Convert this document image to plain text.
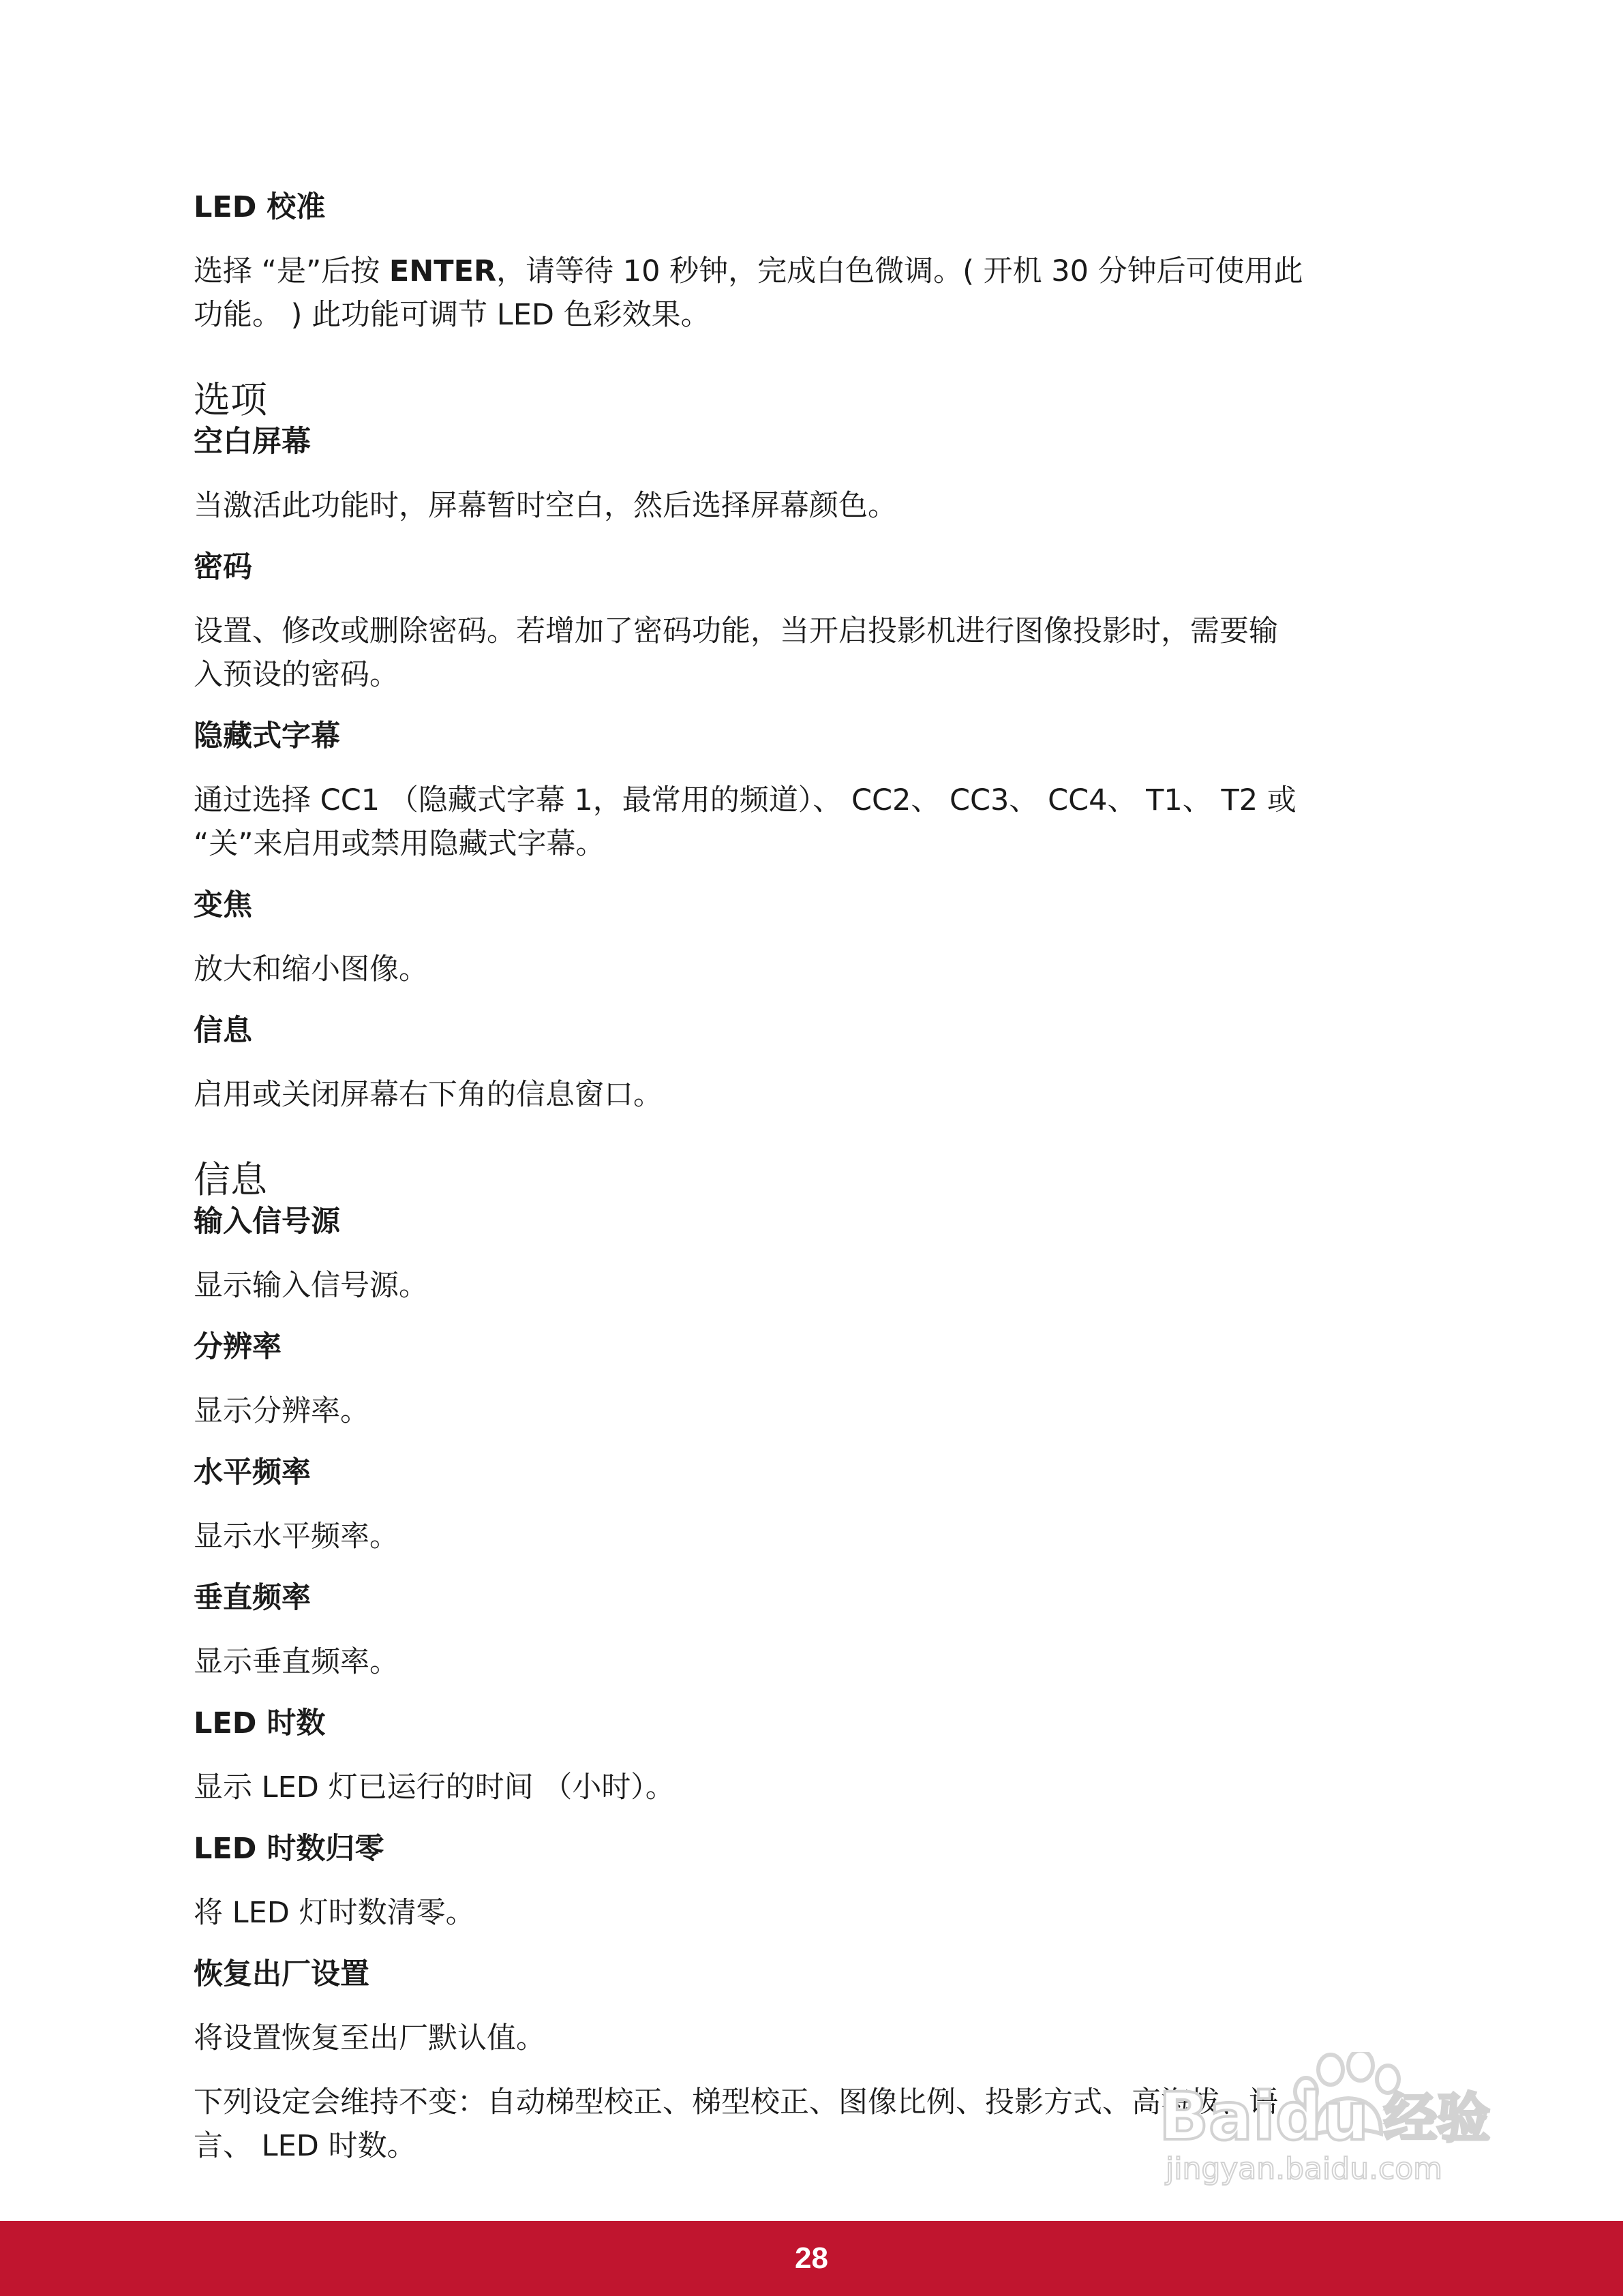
LED 校准

选择 “是”后按 ENTER，请等待 10 秒钟，完成白色微调。( 开机 30 分钟后可使用此
功能。 ) 此功能可调节 LED 色彩效果。

选项

空白屏幕

当激活此功能时，屏幕暂时空白，然后选择屏幕颜色。

密码

设置、修改或删除密码。若增加了密码功能，当开启投影机进行图像投影时，需要输
入预设的密码。

隐藏式字幕

通过选择 CC1 （隐藏式字幕 1，最常用的频道）、 CC2、 CC3、 CC4、 T1、 T2 或
“关”来启用或禁用隐藏式字幕。

变焦

放大和缩小图像。

信息

启用或关闭屏幕右下角的信息窗口。

信息

输入信号源

显示输入信号源。

分辨率

显示分辨率。

水平频率

显示水平频率。

垂直频率

显示垂直频率。

LED 时数

显示 LED 灯已运行的时间 （小时）。

LED 时数归零

将 LED 灯时数清零。

恢复出厂设置

将设置恢复至出厂默认值。

下列设定会维持不变：自动梯型校正、梯型校正、图像比例、投影方式、高海拔、语
言、 LED 时数。	Baidu 经验
jingyan.baidu.com
28
